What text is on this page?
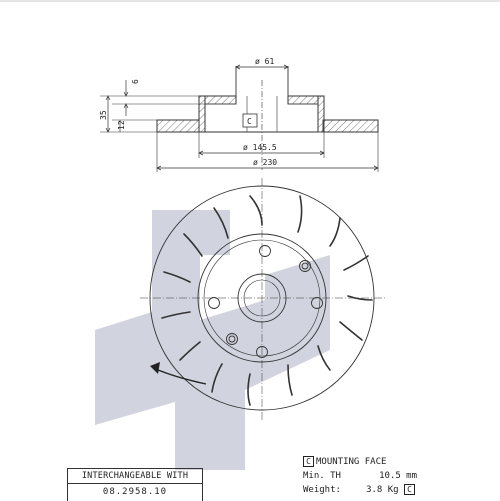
ø 61
ø 145.5
ø 230
35
6
12	C
INTERCHANGEABLE WITH
08.2958.10
C MOUNTING FACE
Min. TH	10.5 mm
Weight:	3.8 Kg C
